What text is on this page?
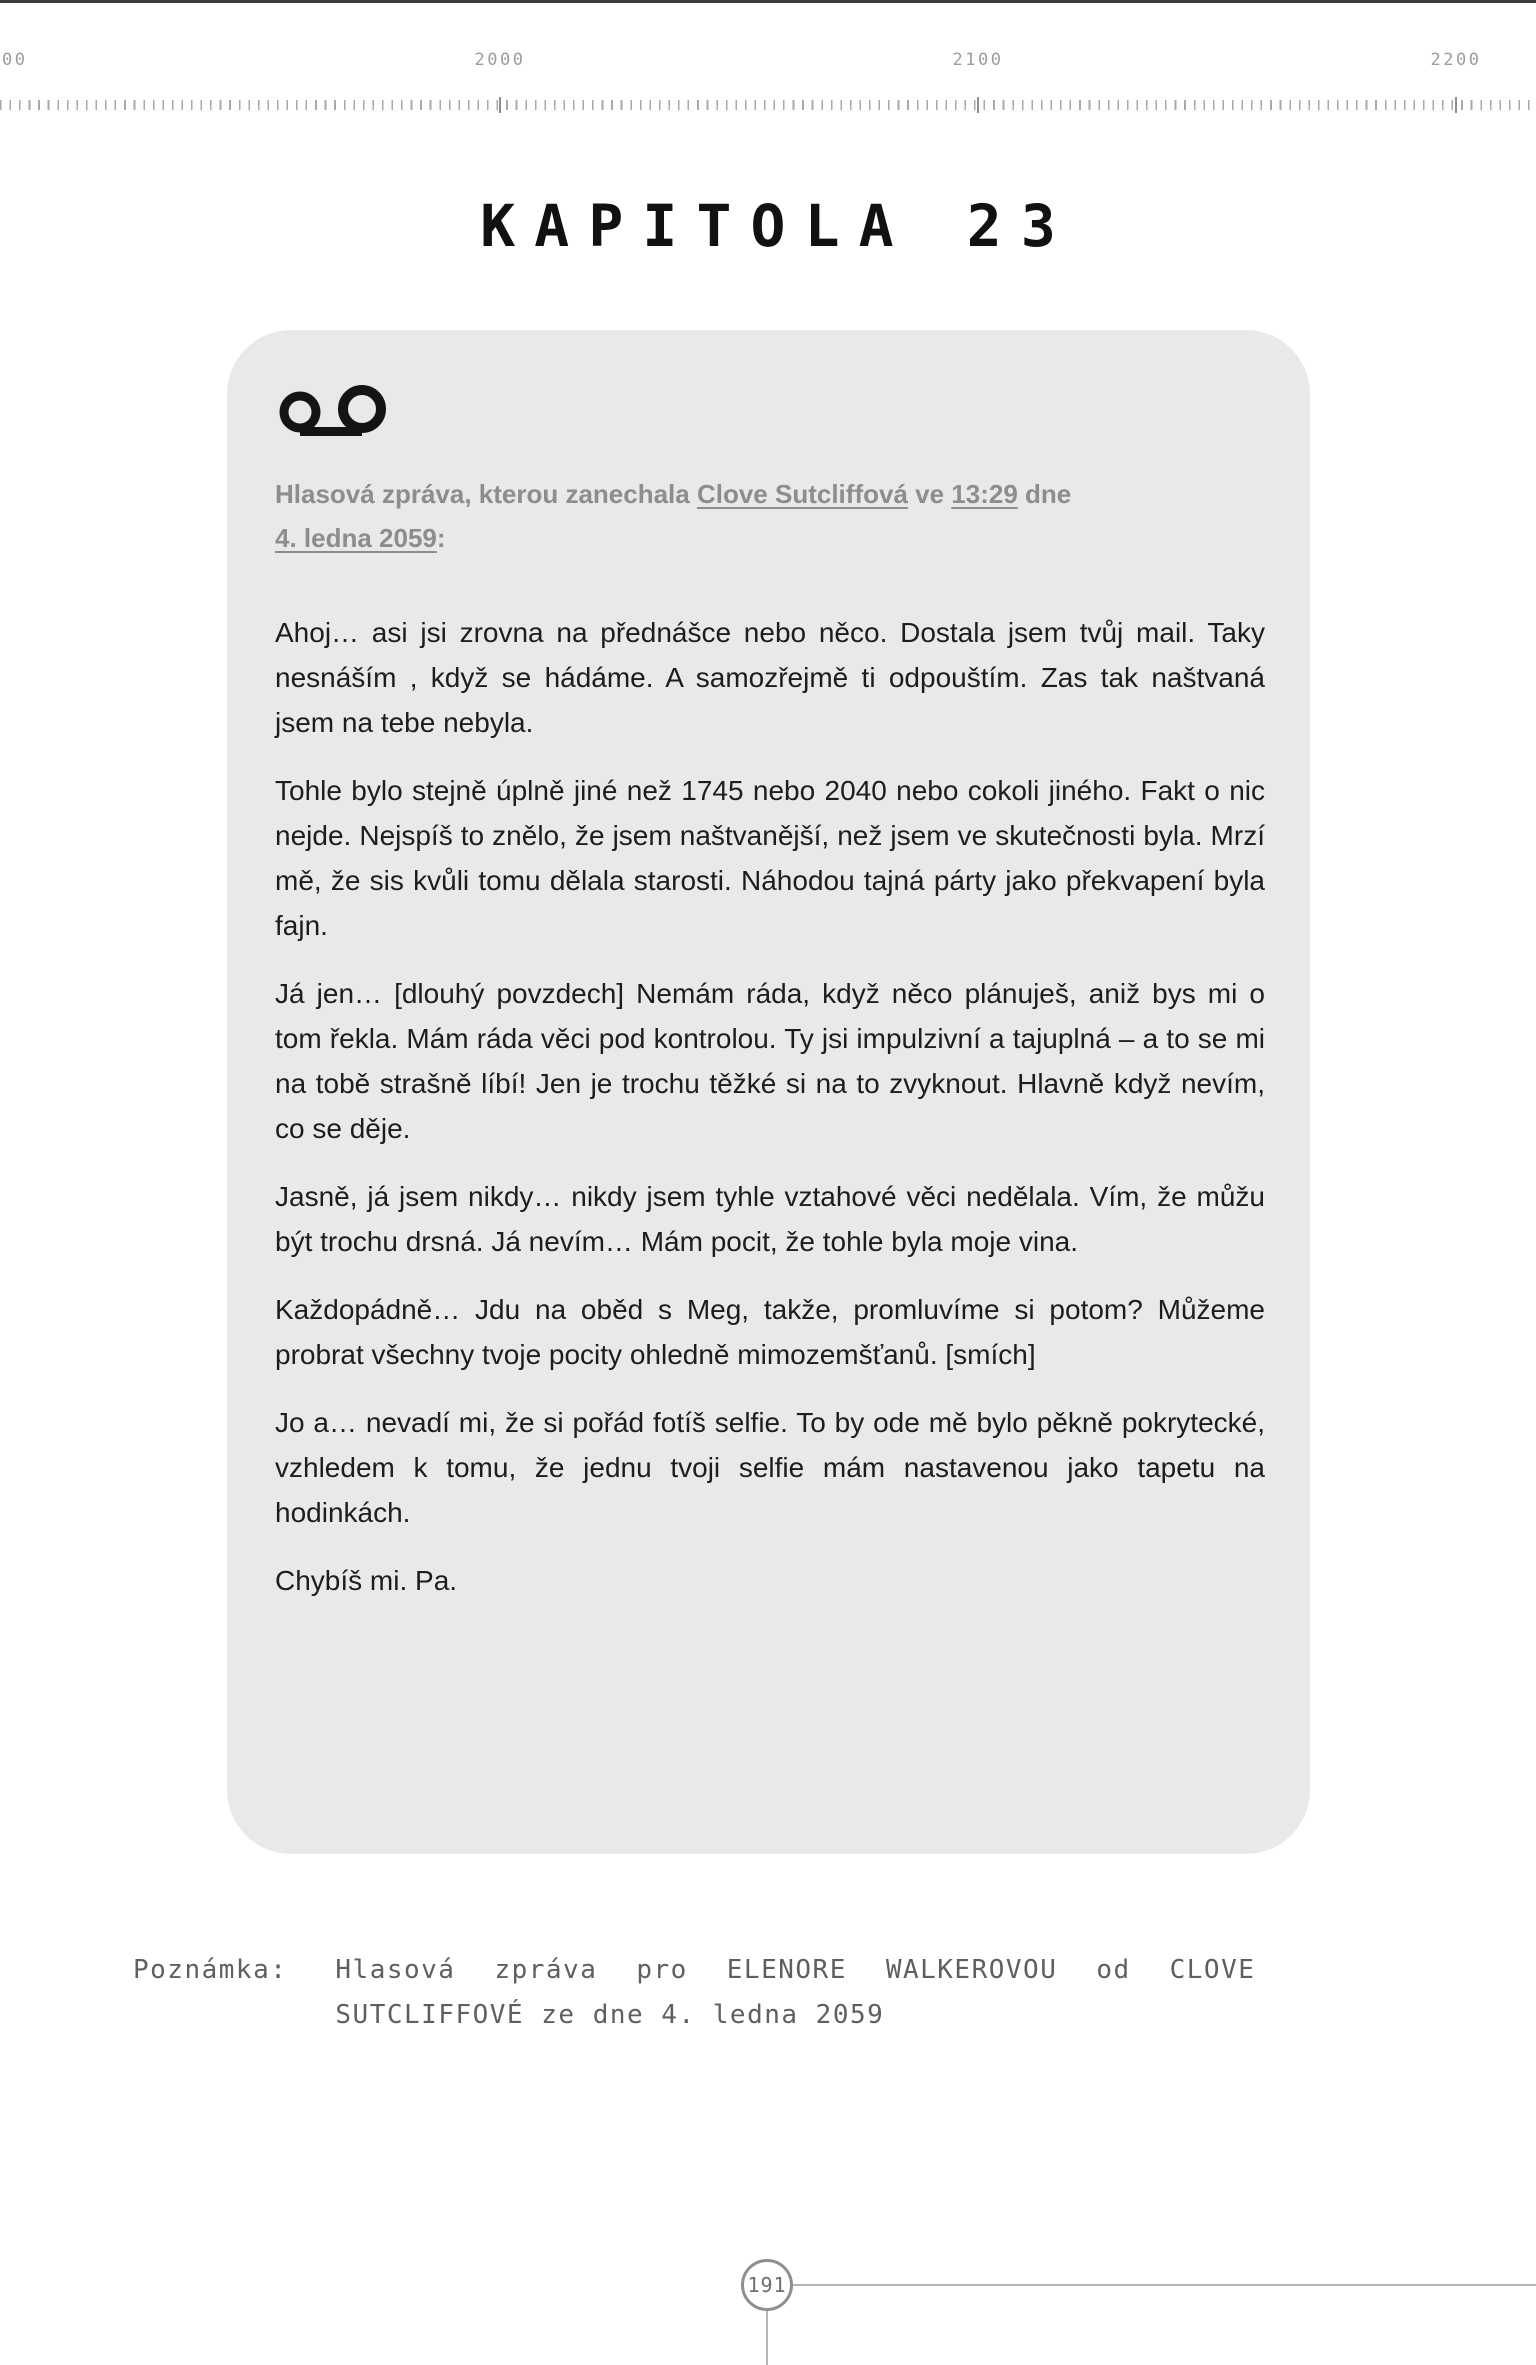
00	2000	2100	2200
KAPITOLA 23

Hlasová zpráva, kterou zanechala Clove Sutcliffová ve 13:29 dne
4. ledna 2059:

Ahoj… asi jsi zrovna na přednášce nebo něco. Dostala jsem tvůj mail. Taky nesnáším , když se hádáme. A samozřejmě ti odpouštím. Zas tak naštvaná jsem na tebe nebyla.

Tohle bylo stejně úplně jiné než 1745 nebo 2040 nebo cokoli jiného. Fakt o nic nejde. Nejspíš to znělo, že jsem naštvanější, než jsem ve skutečnosti byla. Mrzí mě, že sis kvůli tomu dělala starosti. Náhodou tajná párty jako překvapení byla fajn.

Já jen… [dlouhý povzdech] Nemám ráda, když něco plánuješ, aniž bys mi o tom řekla. Mám ráda věci pod kontrolou. Ty jsi impulzivní a tajuplná – a to se mi na tobě strašně líbí! Jen je trochu těžké si na to zvyknout. Hlavně když nevím, co se děje.

Jasně, já jsem nikdy… nikdy jsem tyhle vztahové věci nedělala. Vím, že můžu být trochu drsná. Já nevím… Mám pocit, že tohle byla moje vina.

Každopádně… Jdu na oběd s Meg, takže, promluvíme si potom? Můžeme probrat všechny tvoje pocity ohledně mimozemšťanů. [smích]

Jo a… nevadí mi, že si pořád fotíš selfie. To by ode mě bylo pěkně pokrytecké, vzhledem k tomu, že jednu tvoji selfie mám nastavenou jako tapetu na hodinkách.

Chybíš mi. Pa.

Poznámka: Hlasová zpráva pro ELENORE WALKEROVOU od CLOVE SUTCLIFFOVÉ ze dne 4. ledna 2059
191
